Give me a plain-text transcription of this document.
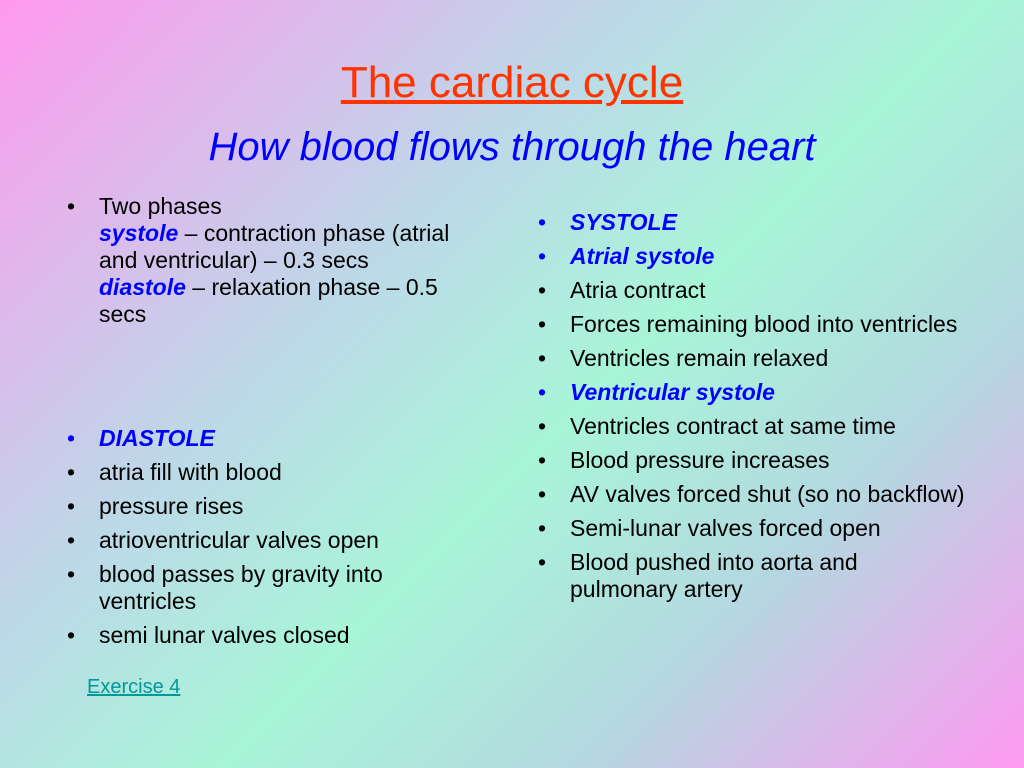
The cardiac cycle
How blood flows through the heart
• Two phases
systole – contraction phase (atrial and ventricular) – 0.3 secs
diastole – relaxation phase – 0.5 secs
• DIASTOLE
• atria fill with blood
• pressure rises
• atrioventricular valves open
• blood passes by gravity into ventricles
• semi lunar valves closed
• SYSTOLE
• Atrial systole
• Atria contract
• Forces remaining blood into ventricles
• Ventricles remain relaxed
• Ventricular systole
• Ventricles contract at same time
• Blood pressure increases
• AV valves forced shut (so no backflow)
• Semi-lunar valves forced open
• Blood pushed into aorta and pulmonary artery
Exercise 4
